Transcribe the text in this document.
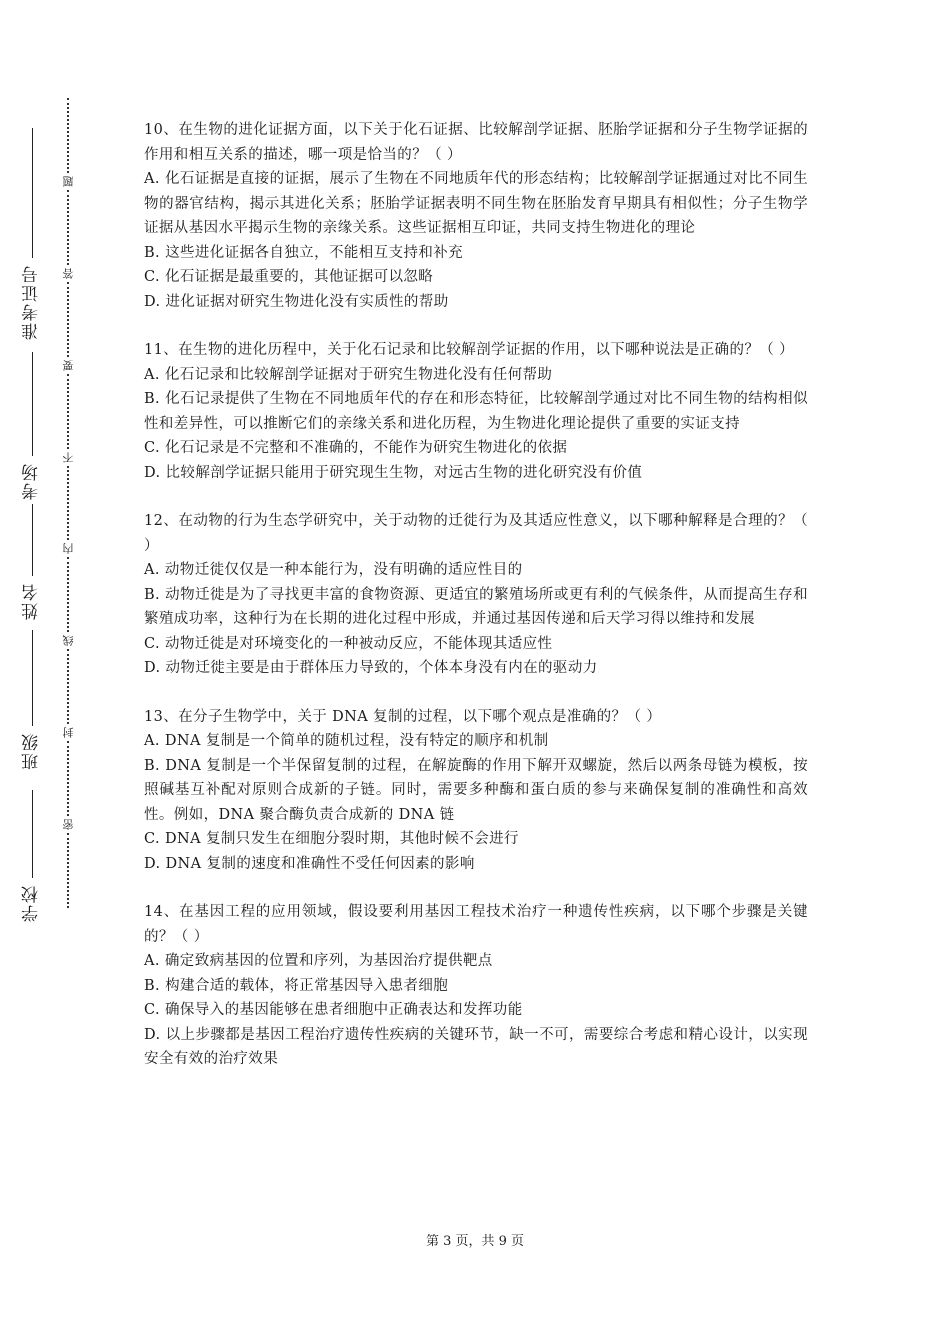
准考证号
考场
姓名
班级
学校
题
答
要
不
内
线
封
密

10、在生物的进化证据方面，以下关于化石证据、比较解剖学证据、胚胎学证据和分子生物学证据的作用和相互关系的描述，哪一项是恰当的？（ ）

A. 化石证据是直接的证据，展示了生物在不同地质年代的形态结构；比较解剖学证据通过对比不同生物的器官结构，揭示其进化关系；胚胎学证据表明不同生物在胚胎发育早期具有相似性；分子生物学证据从基因水平揭示生物的亲缘关系。这些证据相互印证，共同支持生物进化的理论

B. 这些进化证据各自独立，不能相互支持和补充

C. 化石证据是最重要的，其他证据可以忽略

D. 进化证据对研究生物进化没有实质性的帮助

11、在生物的进化历程中，关于化石记录和比较解剖学证据的作用，以下哪种说法是正确的？（ ）

A. 化石记录和比较解剖学证据对于研究生物进化没有任何帮助

B. 化石记录提供了生物在不同地质年代的存在和形态特征，比较解剖学通过对比不同生物的结构相似性和差异性，可以推断它们的亲缘关系和进化历程，为生物进化理论提供了重要的实证支持

C. 化石记录是不完整和不准确的，不能作为研究生物进化的依据

D. 比较解剖学证据只能用于研究现生生物，对远古生物的进化研究没有价值

12、在动物的行为生态学研究中，关于动物的迁徙行为及其适应性意义，以下哪种解释是合理的？（ ）

A. 动物迁徙仅仅是一种本能行为，没有明确的适应性目的

B. 动物迁徙是为了寻找更丰富的食物资源、更适宜的繁殖场所或更有利的气候条件，从而提高生存和繁殖成功率，这种行为在长期的进化过程中形成，并通过基因传递和后天学习得以维持和发展

C. 动物迁徙是对环境变化的一种被动反应，不能体现其适应性

D. 动物迁徙主要是由于群体压力导致的，个体本身没有内在的驱动力

13、在分子生物学中，关于 DNA 复制的过程，以下哪个观点是准确的？（ ）

A. DNA 复制是一个简单的随机过程，没有特定的顺序和机制

B. DNA 复制是一个半保留复制的过程，在解旋酶的作用下解开双螺旋，然后以两条母链为模板，按照碱基互补配对原则合成新的子链。同时，需要多种酶和蛋白质的参与来确保复制的准确性和高效性。例如，DNA 聚合酶负责合成新的 DNA 链

C. DNA 复制只发生在细胞分裂时期，其他时候不会进行

D. DNA 复制的速度和准确性不受任何因素的影响

14、在基因工程的应用领域，假设要利用基因工程技术治疗一种遗传性疾病，以下哪个步骤是关键的？（ ）

A. 确定致病基因的位置和序列，为基因治疗提供靶点

B. 构建合适的载体，将正常基因导入患者细胞

C. 确保导入的基因能够在患者细胞中正确表达和发挥功能

D. 以上步骤都是基因工程治疗遗传性疾病的关键环节，缺一不可，需要综合考虑和精心设计，以实现安全有效的治疗效果

第 3 页，共 9 页
